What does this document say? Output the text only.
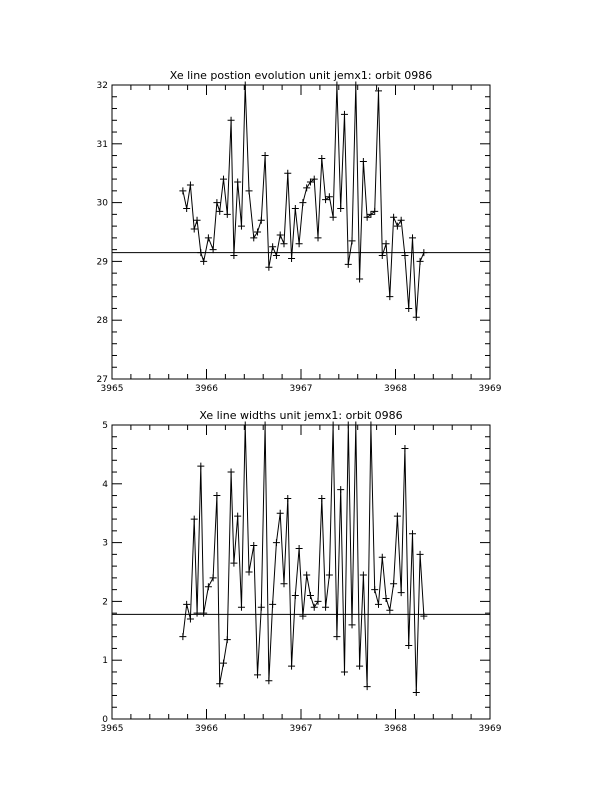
Xe line postion evolution unit jemx1: orbit 0986
3965	3966	3967	3968	3969
27
28
29
30
31
32
Xe line widths unit jemx1: orbit 0986
3965	3966	3967	3968	3969
0
1
2
3
4
5
